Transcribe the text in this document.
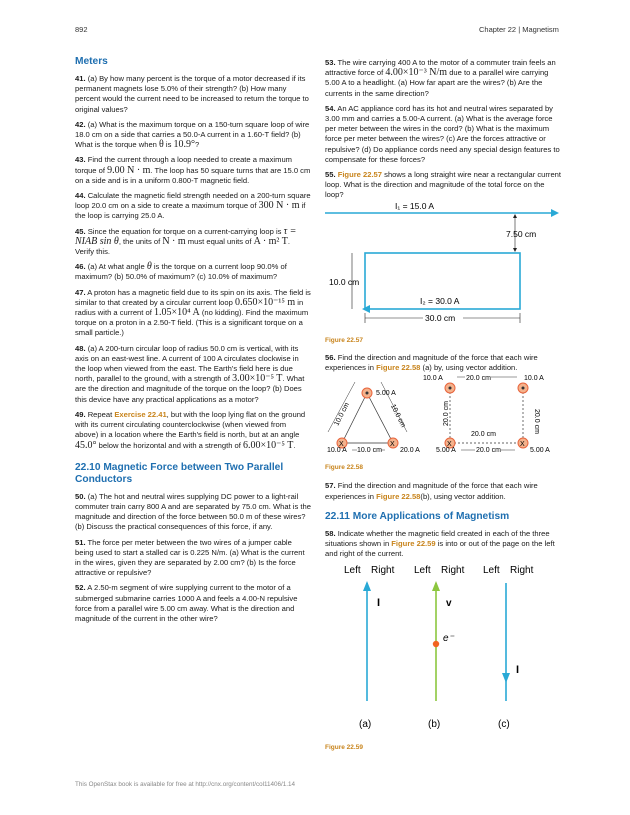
892	Chapter 22 | Magnetism
Meters

41. (a) By how many percent is the torque of a motor decreased if its permanent magnets lose 5.0% of their strength? (b) How many percent would the current need to be increased to return the torque to original values?

42. (a) What is the maximum torque on a 150-turn square loop of wire 18.0 cm on a side that carries a 50.0-A current in a 1.60-T field? (b) What is the torque when θ is 10.9°?

43. Find the current through a loop needed to create a maximum torque of 9.00 N · m. The loop has 50 square turns that are 15.0 cm on a side and is in a uniform 0.800-T magnetic field.

44. Calculate the magnetic field strength needed on a 200-turn square loop 20.0 cm on a side to create a maximum torque of 300 N · m if the loop is carrying 25.0 A.

45. Since the equation for torque on a current-carrying loop is τ = NIAB sin θ, the units of N · m must equal units of A · m² T. Verify this.

46. (a) At what angle θ is the torque on a current loop 90.0% of maximum? (b) 50.0% of maximum? (c) 10.0% of maximum?

47. A proton has a magnetic field due to its spin on its axis. The field is similar to that created by a circular current loop 0.650×10⁻¹⁵ m in radius with a current of 1.05×10⁴ A (no kidding). Find the maximum torque on a proton in a 2.50-T field. (This is a significant torque on a small particle.)

48. (a) A 200-turn circular loop of radius 50.0 cm is vertical, with its axis on an east-west line. A current of 100 A circulates clockwise in the loop when viewed from the east. The Earth's field here is due north, parallel to the ground, with a strength of 3.00×10⁻⁵ T. What are the direction and magnitude of the torque on the loop? (b) Does this device have any practical applications as a motor?

49. Repeat Exercise 22.41, but with the loop lying flat on the ground with its current circulating counterclockwise (when viewed from above) in a location where the Earth's field is north, but at an angle 45.0° below the horizontal and with a strength of 6.00×10⁻⁵ T.

22.10 Magnetic Force between Two Parallel Conductors

50. (a) The hot and neutral wires supplying DC power to a light-rail commuter train carry 800 A and are separated by 75.0 cm. What is the magnitude and direction of the force between 50.0 m of these wires? (b) Discuss the practical consequences of this force, if any.

51. The force per meter between the two wires of a jumper cable being used to start a stalled car is 0.225 N/m. (a) What is the current in the wires, given they are separated by 2.00 cm? (b) Is the force attractive or repulsive?

52. A 2.50-m segment of wire supplying current to the motor of a submerged submarine carries 1000 A and feels a 4.00-N repulsive force from a parallel wire 5.00 cm away. What is the direction and magnitude of the current in the other wire?

53. The wire carrying 400 A to the motor of a commuter train feels an attractive force of 4.00×10⁻³ N/m due to a parallel wire carrying 5.00 A to a headlight. (a) How far apart are the wires? (b) Are the currents in the same direction?

54. An AC appliance cord has its hot and neutral wires separated by 3.00 mm and carries a 5.00-A current. (a) What is the average force per meter between the wires in the cord? (b) What is the maximum force per meter between the wires? (c) Are the forces attractive or repulsive? (d) Do appliance cords need any special design features to compensate for these forces?

55. Figure 22.57 shows a long straight wire near a rectangular current loop. What is the direction and magnitude of the total force on the loop?

I₁ = 15.0 A
7.50 cm
I₂ = 30.0 A
10.0 cm
30.0 cm
Figure 22.57

56. Find the direction and magnitude of the force that each wire experiences in Figure 22.58 (a) by, using vector addition.

X	X
5.00 A
10.0 cm	10.0 cm
10.0 A 10.0 cm	20.0 A
X	X
10.0 A	20.0 cm	10.0 A
20.0 cm	20.0 cm
20.0 cm
5.00 A	20.0 cm	5.00 A
Figure 22.58

57. Find the direction and magnitude of the force that each wire experiences in Figure 22.58(b), using vector addition.

22.11 More Applications of Magnetism

58. Indicate whether the magnetic field created in each of the three situations shown in Figure 22.59 is into or out of the page on the left and right of the current.

Left Right
I
(a)
Left Right
v
e⁻
(b)
Left Right
I
(c)
Figure 22.59
This OpenStax book is available for free at http://cnx.org/content/col11406/1.14
